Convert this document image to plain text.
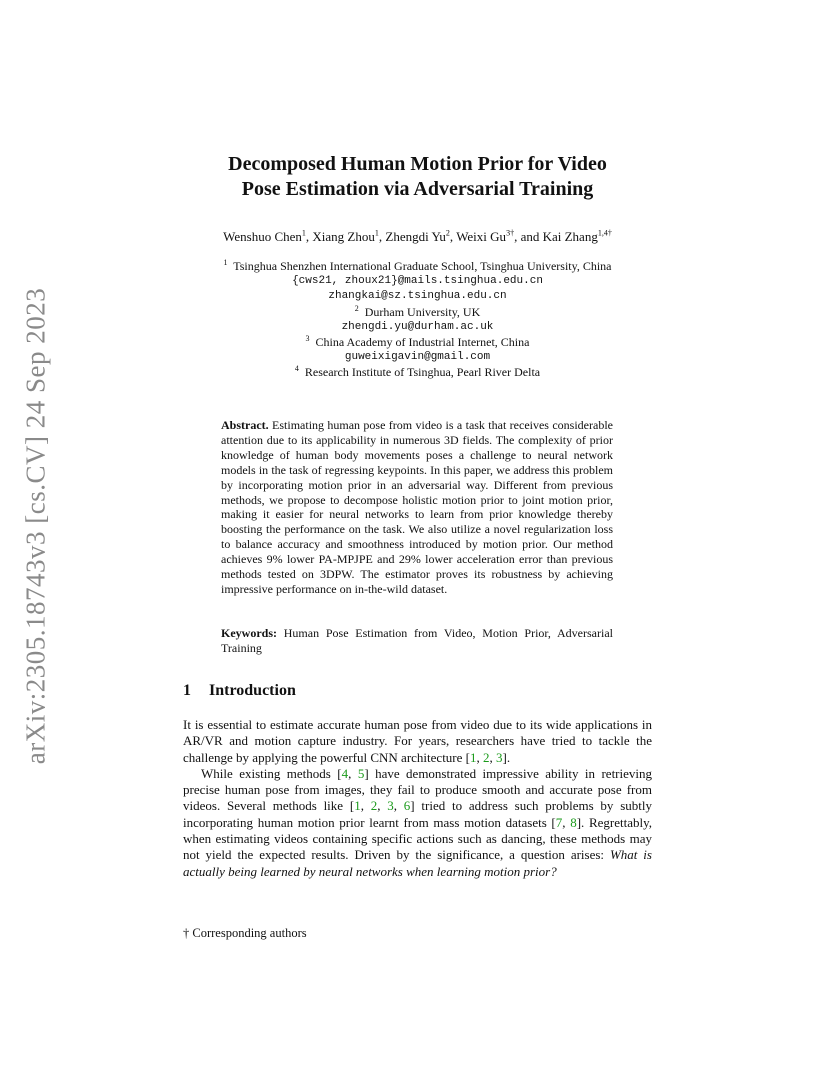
arXiv:2305.18743v3 [cs.CV] 24 Sep 2023
Decomposed Human Motion Prior for Video
Pose Estimation via Adversarial Training
Wenshuo Chen$^1$, Xiang Zhou$^1$, Zhengdi Yu$^2$, Weixi $Gu^{3\dagger}$, and Kai Zhang$^{1,4\dagger}$
$^1$ Tsinghua Shenzhen International Graduate School, Tsinghua University, China
{cws21, zhoux21}@mails.tsinghua.edu.cn
zhangkai@sz.tsinghua.edu.cn
$^2$ Durham University, UK
zhengdi.yu@durham.ac.uk
$^3$ China Academy of Industrial Internet, China
guweixigavin@gmail.com
$^4$ Research Institute of Tsinghua, Pearl River Delta
Abstract. Estimating human pose from video is a task that receives considerable attention due to its applicability in numerous 3D fields. The complexity of prior knowledge of human body movements poses a challenge to neural network models in the task of regressing keypoints. In this paper, we address this problem by incorporating motion prior in an adversarial way. Different from previous methods, we propose to decompose holistic motion prior to joint motion prior, making it easier for neural networks to learn from prior knowledge thereby boosting the performance on the task. We also utilize a novel regularization loss to balance accuracy and smoothness introduced by motion prior. Our method achieves 9% lower PA-MPJPE and 29% lower acceleration error than previous methods tested on 3DPW. The estimator proves its robustness by achieving impressive performance on in-the-wild dataset.
Keywords: Human Pose Estimation from Video, Motion Prior, Adversarial Training
1 Introduction

It is essential to estimate accurate human pose from video due to its wide applications in AR/VR and motion capture industry. For years, researchers have tried to tackle the challenge by applying the powerful CNN architecture [1, 2, 3].

While existing methods [4, 5] have demonstrated impressive ability in retrieving precise human pose from images, they fail to produce smooth and accurate pose from videos. Several methods like [1, 2, 3, 6] tried to address such problems by subtly incorporating human motion prior learnt from mass motion datasets [7, 8]. Regrettably, when estimating videos containing specific actions such as dancing, these methods may not yield the expected results. Driven by the significance, a question arises: What is actually being learned by neural networks when learning motion prior?

† Corresponding authors
